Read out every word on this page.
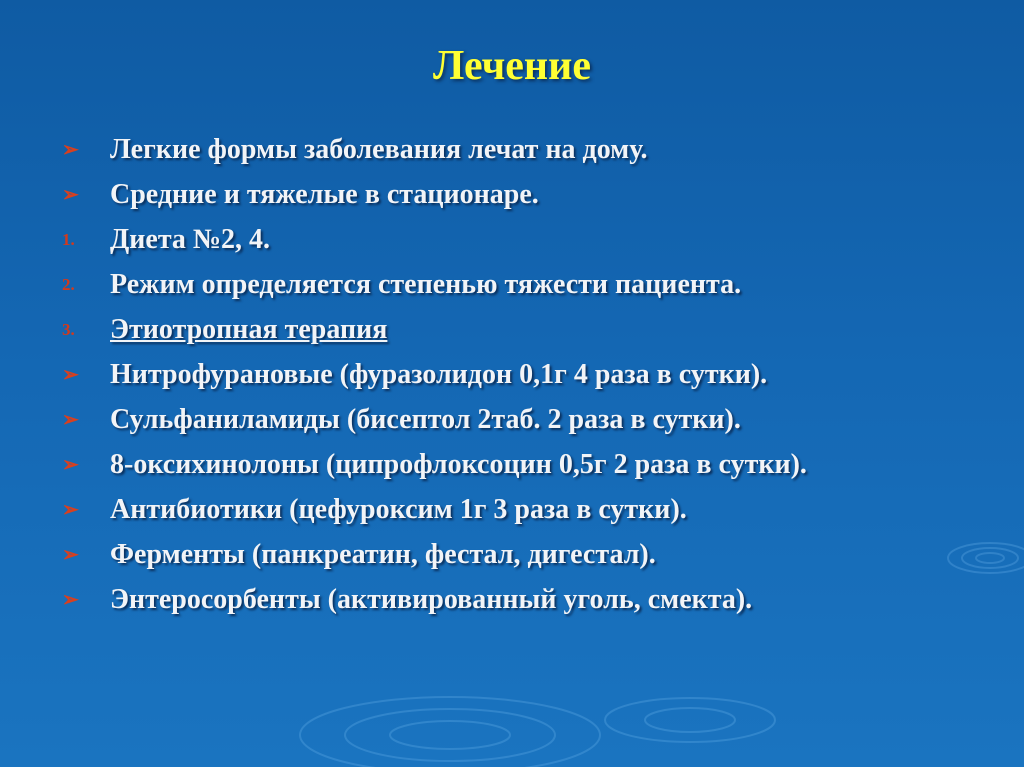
Лечение
➢	Легкие формы заболевания лечат на дому.
➢	Средние и тяжелые в стационаре.
1.	Диета №2, 4.
2.	Режим определяется степенью тяжести пациента.
3.	Этиотропная терапия
➢	Нитрофурановые (фуразолидон 0,1г 4 раза в сутки).
➢	Сульфаниламиды (бисептол 2таб. 2 раза в сутки).
➢	8-оксихинолоны (ципрофлоксоцин 0,5г 2 раза в сутки).
➢	Антибиотики (цефуроксим 1г 3 раза в сутки).
➢	Ферменты (панкреатин, фестал, дигестал).
➢	Энтеросорбенты (активированный уголь, смекта).
